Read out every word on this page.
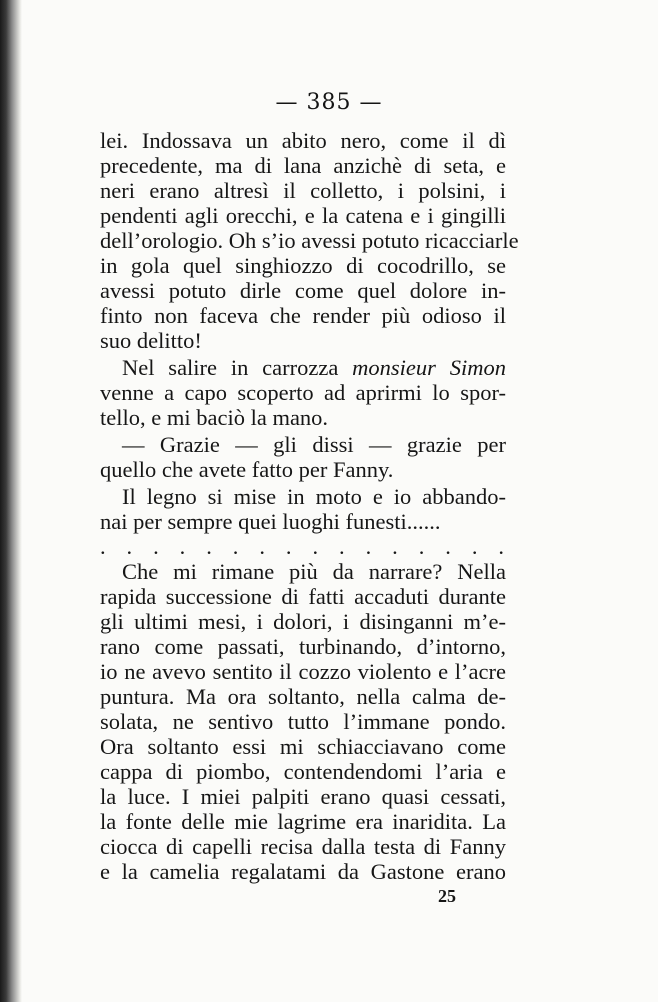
— 385 —
lei. Indossava un abito nero, come il dì
precedente, ma di lana anzichè di seta, e
neri erano altresì il colletto, i polsini, i
pendenti agli orecchi, e la catena e i gingilli
dell’orologio. Oh s’io avessi potuto ricacciarle
in gola quel singhiozzo di cocodrillo, se
avessi potuto dirle come quel dolore in-
finto non faceva che render più odioso il
suo delitto!
Nel salire in carrozza monsieur Simon
venne a capo scoperto ad aprirmi lo spor-
tello, e mi baciò la mano.
— Grazie — gli dissi — grazie per
quello che avete fatto per Fanny.
Il legno si mise in moto e io abbando-
nai per sempre quei luoghi funesti......
. . . . . . . . . . . . . . . .
Che mi rimane più da narrare? Nella
rapida successione di fatti accaduti durante
gli ultimi mesi, i dolori, i disinganni m’e-
rano come passati, turbinando, d’intorno,
io ne avevo sentito il cozzo violento e l’acre
puntura. Ma ora soltanto, nella calma de-
solata, ne sentivo tutto l’immane pondo.
Ora soltanto essi mi schiacciavano come
cappa di piombo, contendendomi l’aria e
la luce. I miei palpiti erano quasi cessati,
la fonte delle mie lagrime era inaridita. La
ciocca di capelli recisa dalla testa di Fanny
e la camelia regalatami da Gastone erano
25
